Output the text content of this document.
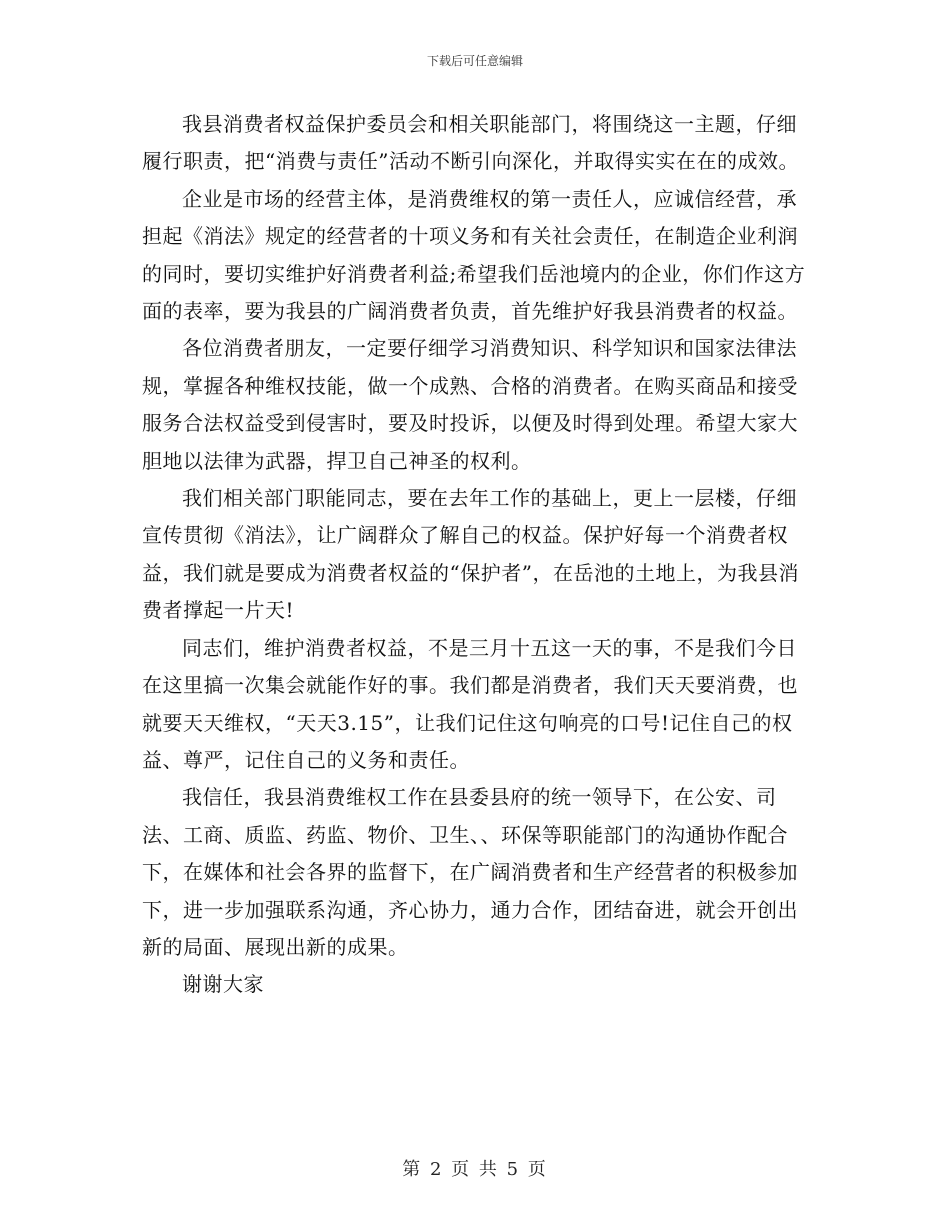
下载后可任意编辑

我县消费者权益保护委员会和相关职能部门，将围绕这一主题，仔细履行职责，把“消费与责任”活动不断引向深化，并取得实实在在的成效。

企业是市场的经营主体，是消费维权的第一责任人，应诚信经营，承担起《消法》规定的经营者的十项义务和有关社会责任，在制造企业利润的同时，要切实维护好消费者利益;希望我们岳池境内的企业，你们作这方面的表率，要为我县的广阔消费者负责，首先维护好我县消费者的权益。

各位消费者朋友，一定要仔细学习消费知识、科学知识和国家法律法规，掌握各种维权技能，做一个成熟、合格的消费者。在购买商品和接受服务合法权益受到侵害时，要及时投诉，以便及时得到处理。希望大家大胆地以法律为武器，捍卫自己神圣的权利。

我们相关部门职能同志，要在去年工作的基础上，更上一层楼，仔细宣传贯彻《消法》，让广阔群众了解自己的权益。保护好每一个消费者权益，我们就是要成为消费者权益的“保护者”，在岳池的土地上，为我县消费者撑起一片天!

同志们，维护消费者权益，不是三月十五这一天的事，不是我们今日在这里搞一次集会就能作好的事。我们都是消费者，我们天天要消费，也就要天天维权，“天天3.15”，让我们记住这句响亮的口号!记住自己的权益、尊严，记住自己的义务和责任。

我信任，我县消费维权工作在县委县府的统一领导下，在公安、司法、工商、质监、药监、物价、卫生、、环保等职能部门的沟通协作配合下，在媒体和社会各界的监督下，在广阔消费者和生产经营者的积极参加下，进一步加强联系沟通，齐心协力，通力合作，团结奋进，就会开创出新的局面、展现出新的成果。

谢谢大家

第 2 页 共 5 页
